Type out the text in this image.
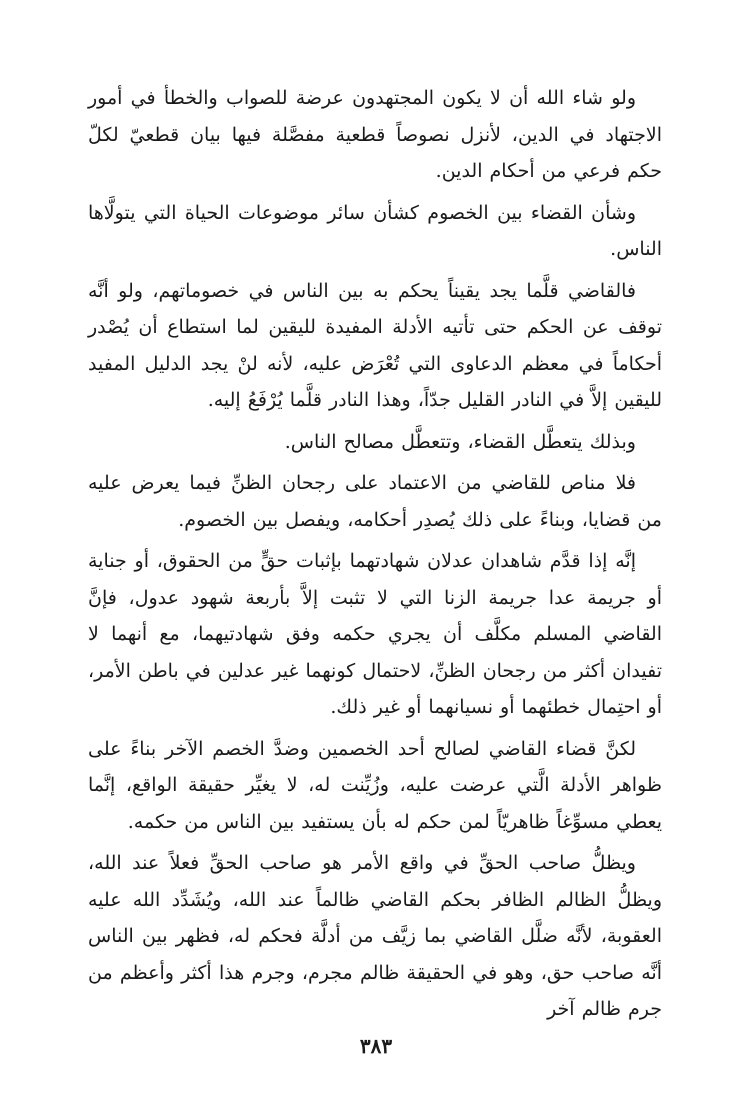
ولو شاء الله أن لا يكون المجتهدون عرضة للصواب والخطأ في أمور الاجتهاد في الدين، لأنزل نصوصاً قطعية مفصَّلة فيها بيان قطعيّ لكلّ حكم فرعي من أحكام الدين.

وشأن القضاء بين الخصوم كشأن سائر موضوعات الحياة التي يتولَّاها الناس.

فالقاضي قلَّما يجد يقيناً يحكم به بين الناس في خصوماتهم، ولو أنَّه توقف عن الحكم حتى تأتيه الأدلة المفيدة لليقين لما استطاع أن يُصْدر أحكاماً في معظم الدعاوى التي تُعْرَض عليه، لأنه لنْ يجد الدليل المفيد لليقين إلاَّ في النادر القليل جدّاً، وهذا النادر قلَّما يُرْفَعُ إليه.

وبذلك يتعطَّل القضاء، وتتعطَّل مصالح الناس.

فلا مناص للقاضي من الاعتماد على رجحان الظنِّ فيما يعرض عليه من قضايا، وبناءً على ذلك يُصدِر أحكامه، ويفصل بين الخصوم.

إنَّه إذا قدَّم شاهدان عدلان شهادتهما بإثبات حقٍّ من الحقوق، أو جناية أو جريمة عدا جريمة الزنا التي لا تثبت إلاَّ بأربعة شهود عدول، فإنَّ القاضي المسلم مكلَّف أن يجري حكمه وفق شهادتيهما، مع أنهما لا تفيدان أكثر من رجحان الظنِّ، لاحتمال كونهما غير عدلين في باطن الأمر، أو احتِمال خطئهما أو نسيانهما أو غير ذلك.

لكنَّ قضاء القاضي لصالح أحد الخصمين وضدَّ الخصم الآخر بناءً على ظواهر الأدلة الَّتي عرضت عليه، وزُيِّنت له، لا يغيِّر حقيقة الواقع، إنَّما يعطي مسوِّغاً ظاهريّاً لمن حكم له بأن يستفيد بين الناس من حكمه.

ويظلُّ صاحب الحقِّ في واقع الأمر هو صاحب الحقِّ فعلاً عند الله، ويظلُّ الظالم الظافر بحكم القاضي ظالماً عند الله، ويُشَدِّد الله عليه العقوبة، لأنَّه ضلَّل القاضي بما زيَّف من أدلَّة فحكم له، فظهر بين الناس أنَّه صاحب حق، وهو في الحقيقة ظالم مجرم، وجرم هذا أكثر وأعظم من جرم ظالم آخر

٣٨٣
